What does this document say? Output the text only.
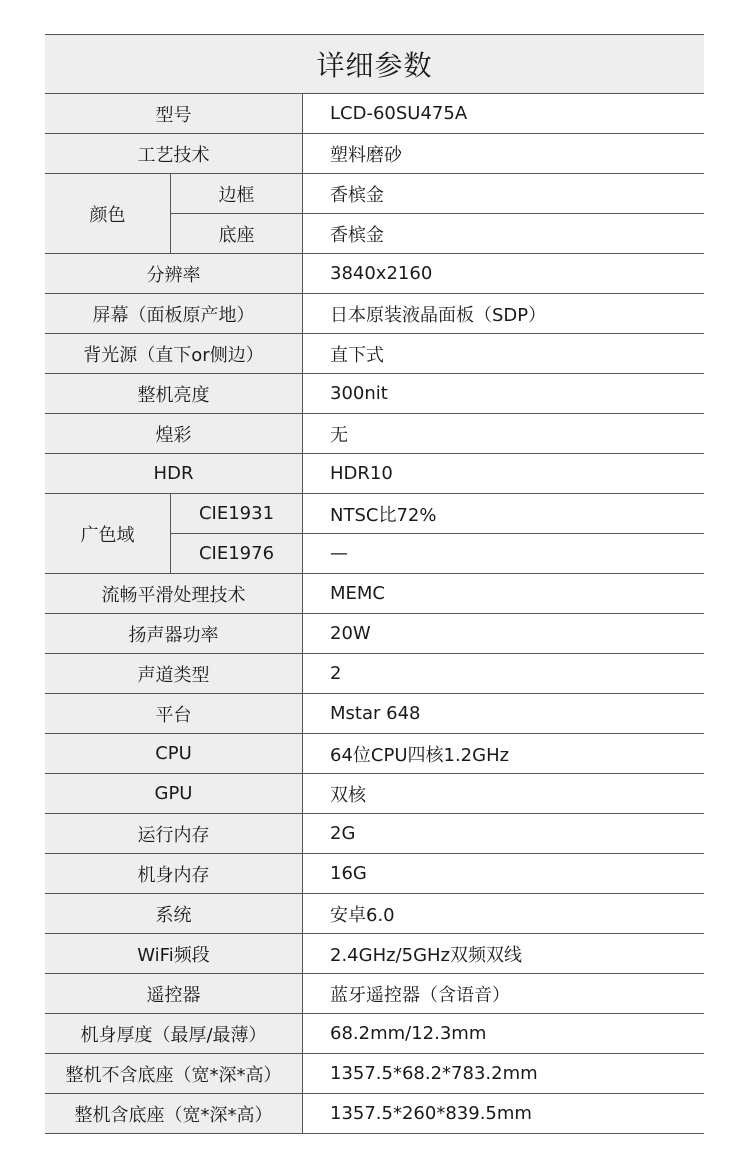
详细参数
型号	LCD-60SU475A
工艺技术	塑料磨砂
颜色
边框	香槟金
底座	香槟金
分辨率	3840x2160
屏幕（面板原产地）	日本原装液晶面板（SDP）
背光源（直下or侧边）	直下式
整机亮度	300nit
煌彩	无
HDR	HDR10
广色域
CIE1931	NTSC比72%
CIE1976	—
流畅平滑处理技术	MEMC
扬声器功率	20W
声道类型	2
平台	Mstar 648
CPU	64位CPU四核1.2GHz
GPU	双核
运行内存	2G
机身内存	16G
系统	安卓6.0
WiFi频段	2.4GHz/5GHz双频双线
遥控器	蓝牙遥控器（含语音）
机身厚度（最厚/最薄）	68.2mm/12.3mm
整机不含底座（宽*深*高）	1357.5*68.2*783.2mm
整机含底座（宽*深*高）	1357.5*260*839.5mm
